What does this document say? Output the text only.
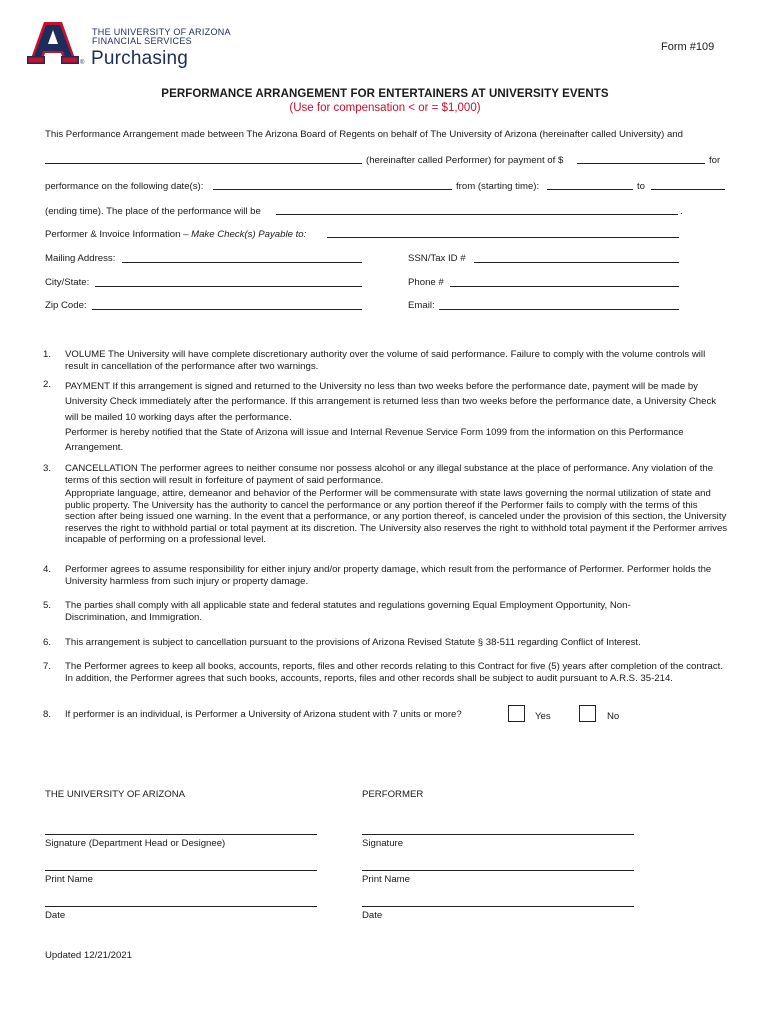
®
THE UNIVERSITY OF ARIZONA
FINANCIAL SERVICES
Purchasing
Form #109
PERFORMANCE ARRANGEMENT FOR ENTERTAINERS AT UNIVERSITY EVENTS
(Use for compensation < or = $1,000)
This Performance Arrangement made between The Arizona Board of Regents on behalf of The University of Arizona (hereinafter called University) and
(hereinafter called Performer) for payment of $	for
performance on the following date(s):	from (starting time):	to
(ending time). The place of the performance will be	.
Performer & Invoice Information – Make Check(s) Payable to:
Mailing Address:	SSN/Tax ID #
City/State:	Phone #
Zip Code:	Email:
1. VOLUME The University will have complete discretionary authority over the volume of said performance. Failure to comply with the volume controls will result in cancellation of the performance after two warnings.
2. PAYMENT If this arrangement is signed and returned to the University no less than two weeks before the performance date, payment will be made by University Check immediately after the performance. If this arrangement is returned less than two weeks before the performance date, a University Check will be mailed 10 working days after the performance.
Performer is hereby notified that the State of Arizona will issue and Internal Revenue Service Form 1099 from the information on this Performance Arrangement.
3. CANCELLATION The performer agrees to neither consume nor possess alcohol or any illegal substance at the place of performance. Any violation of the terms of this section will result in forfeiture of payment of said performance.
Appropriate language, attire, demeanor and behavior of the Performer will be commensurate with state laws governing the normal utilization of state and public property. The University has the authority to cancel the performance or any portion thereof if the Performer fails to comply with the terms of this section after being issued one warning. In the event that a performance, or any portion thereof, is canceled under the provision of this section, the University reserves the right to withhold partial or total payment at its discretion. The University also reserves the right to withhold total payment if the Performer arrives incapable of performing on a professional level.
4. Performer agrees to assume responsibility for either injury and/or property damage, which result from the performance of Performer. Performer holds the University harmless from such injury or property damage.
5. The parties shall comply with all applicable state and federal statutes and regulations governing Equal Employment Opportunity, Non-Discrimination, and Immigration.
6. This arrangement is subject to cancellation pursuant to the provisions of Arizona Revised Statute § 38-511 regarding Conflict of Interest.
7. The Performer agrees to keep all books, accounts, reports, files and other records relating to this Contract for five (5) years after completion of the contract. In addition, the Performer agrees that such books, accounts, reports, files and other records shall be subject to audit pursuant to A.R.S. 35-214.
8. If performer is an individual, is Performer a University of Arizona student with 7 units or more?	Yes	No
THE UNIVERSITY OF ARIZONA	PERFORMER
Signature (Department Head or Designee)	Signature
Print Name	Print Name
Date	Date
Updated 12/21/2021
